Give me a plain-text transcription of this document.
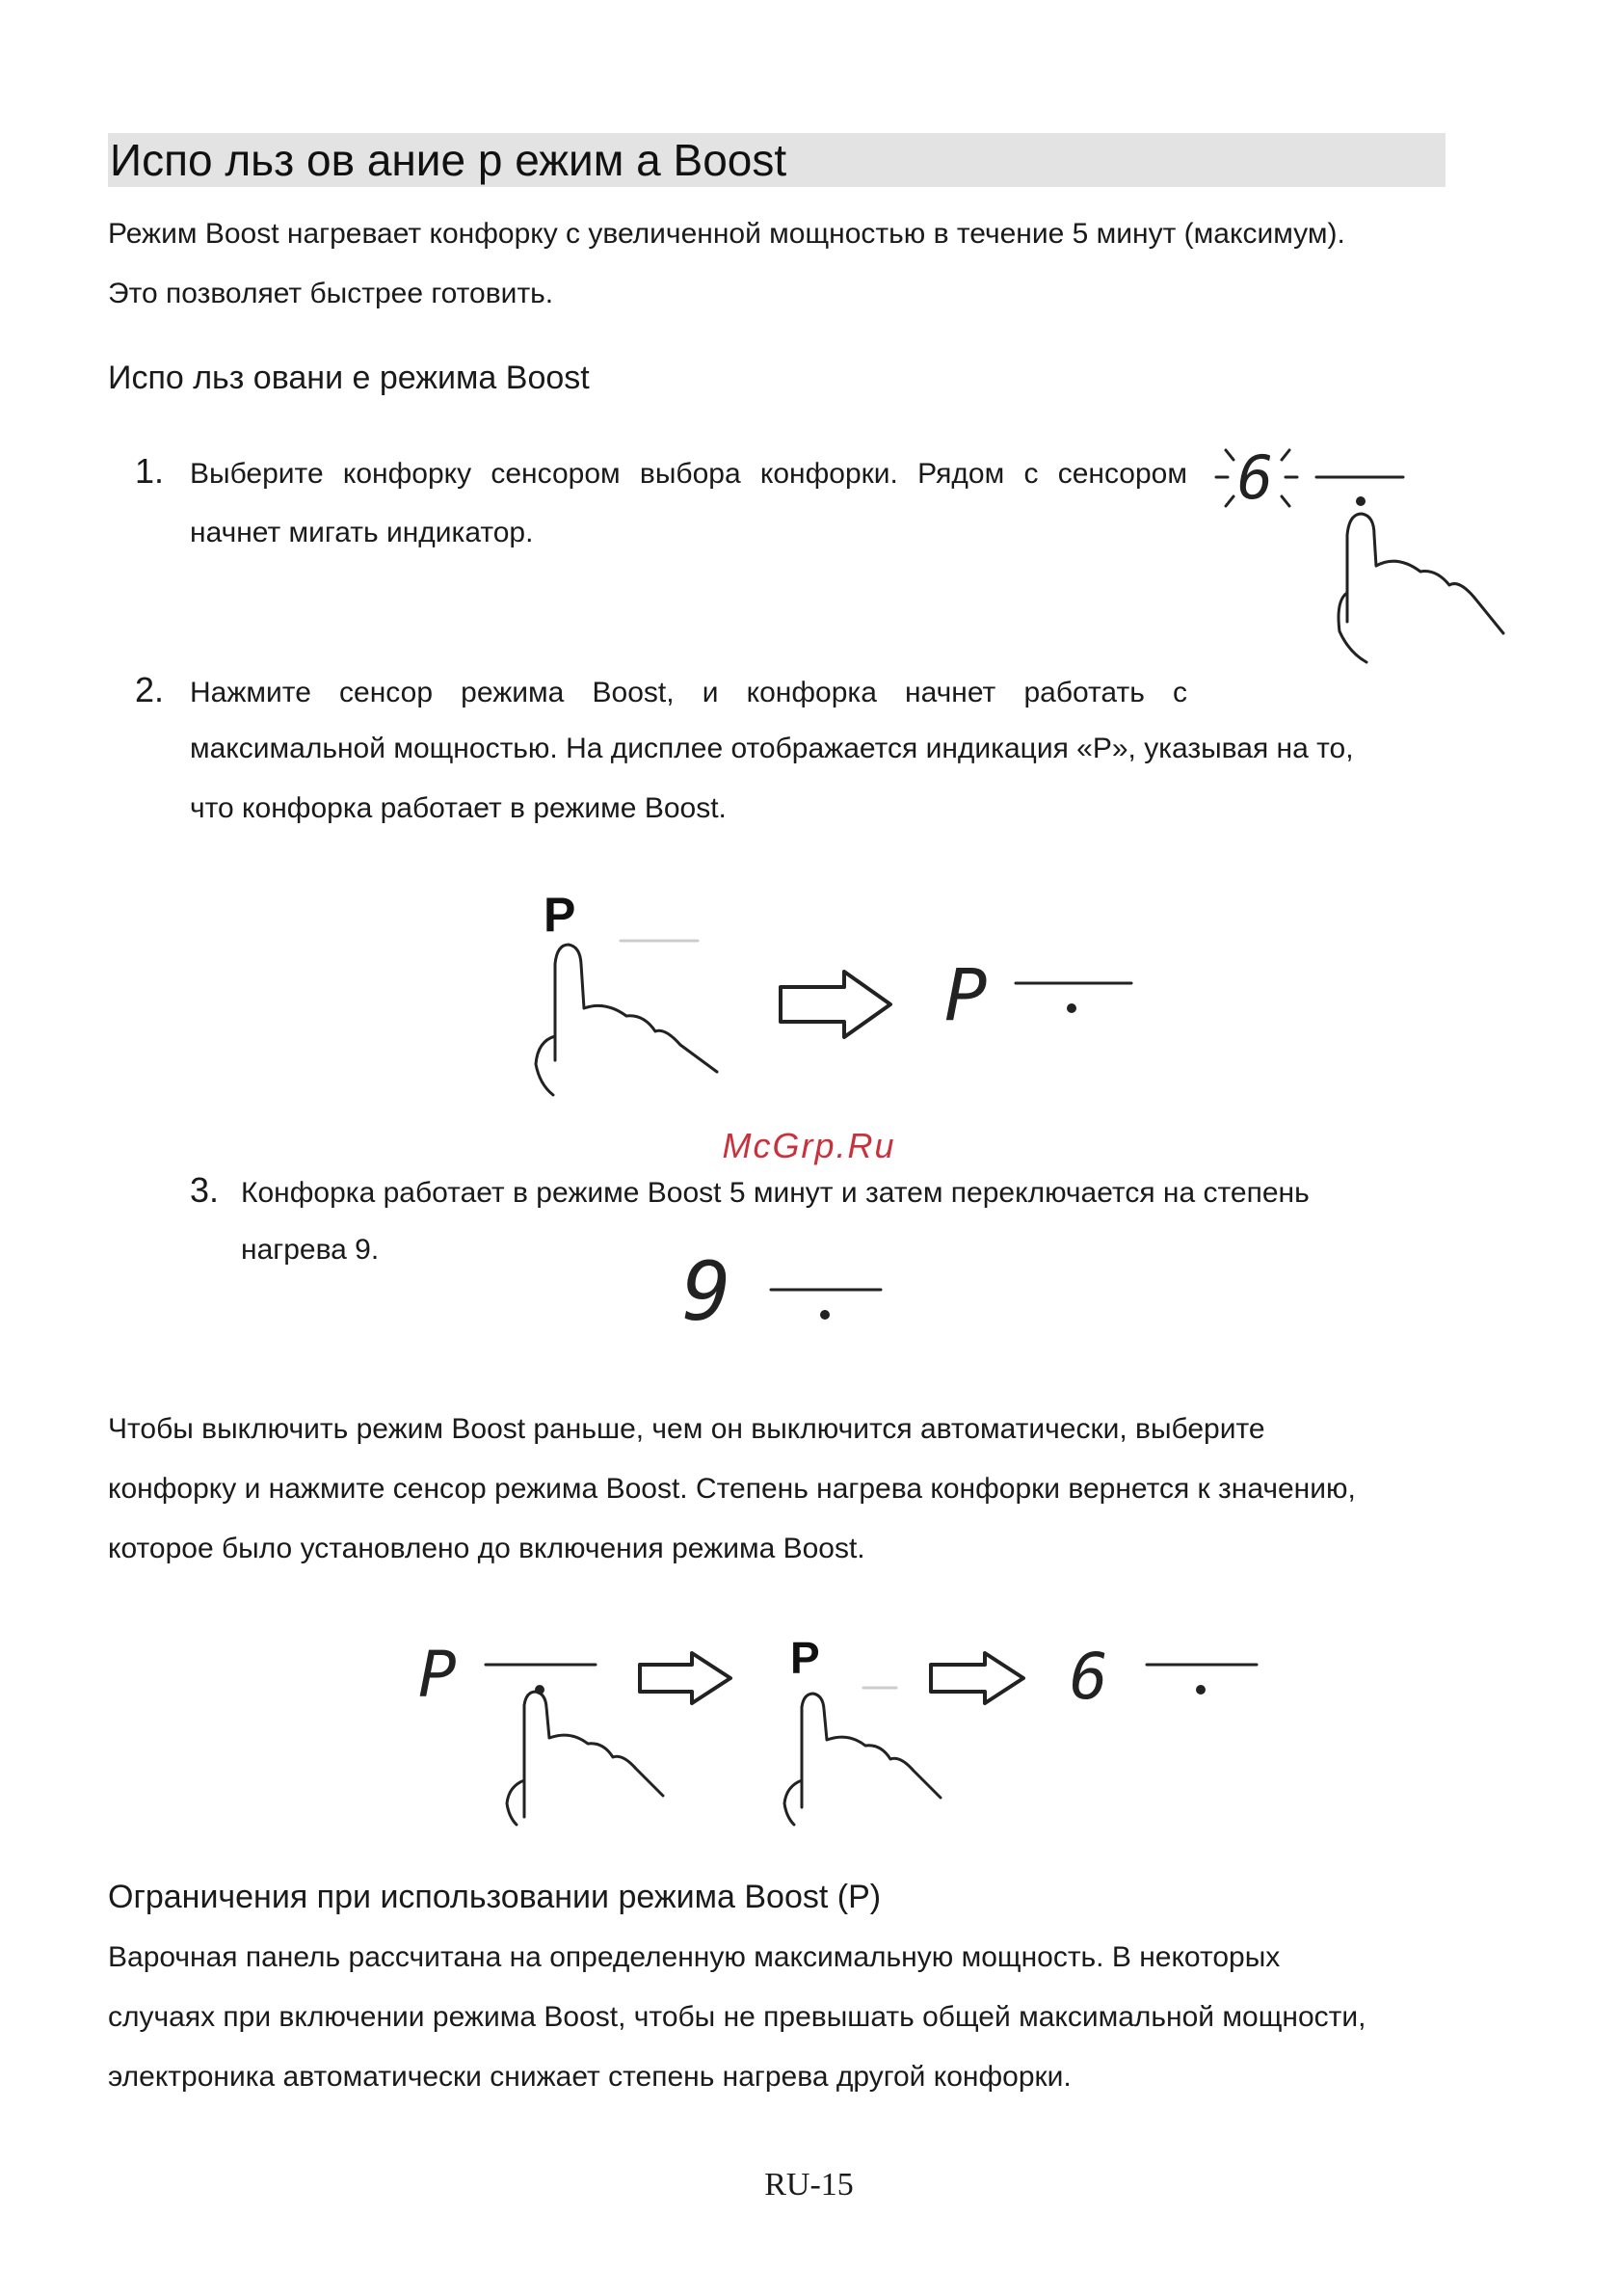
Испо льз ов ание р ежим а Boost
Режим Boost нагревает конфорку с увеличенной мощностью в течение 5 минут (максимум).
Это позволяет быстрее готовить.
Испо льз овани е режима Boost
1. Выберите конфорку сенсором выбора конфорки. Рядом с сенсором
начнет мигать индикатор.
6
2. Нажмите сенсор режима Boost, и конфорка начнет работать с
максимальной мощностью. На дисплее отображается индикация «P», указывая на то,
что конфорка работает в режиме Boost.
P
P
McGrp.Ru
3. Конфорка работает в режиме Boost 5 минут и затем переключается на степень
нагрева 9.	9
Чтобы выключить режим Boost раньше, чем он выключится автоматически, выберите
конфорку и нажмите сенсор режима Boost. Степень нагрева конфорки вернется к значению,
которое было установлено до включения режима Boost.
P	P	6
Ограничения при использовании режима Boost (P)
Варочная панель рассчитана на определенную максимальную мощность. В некоторых
случаях при включении режима Boost, чтобы не превышать общей максимальной мощности,
электроника автоматически снижает степень нагрева другой конфорки.
RU-15
